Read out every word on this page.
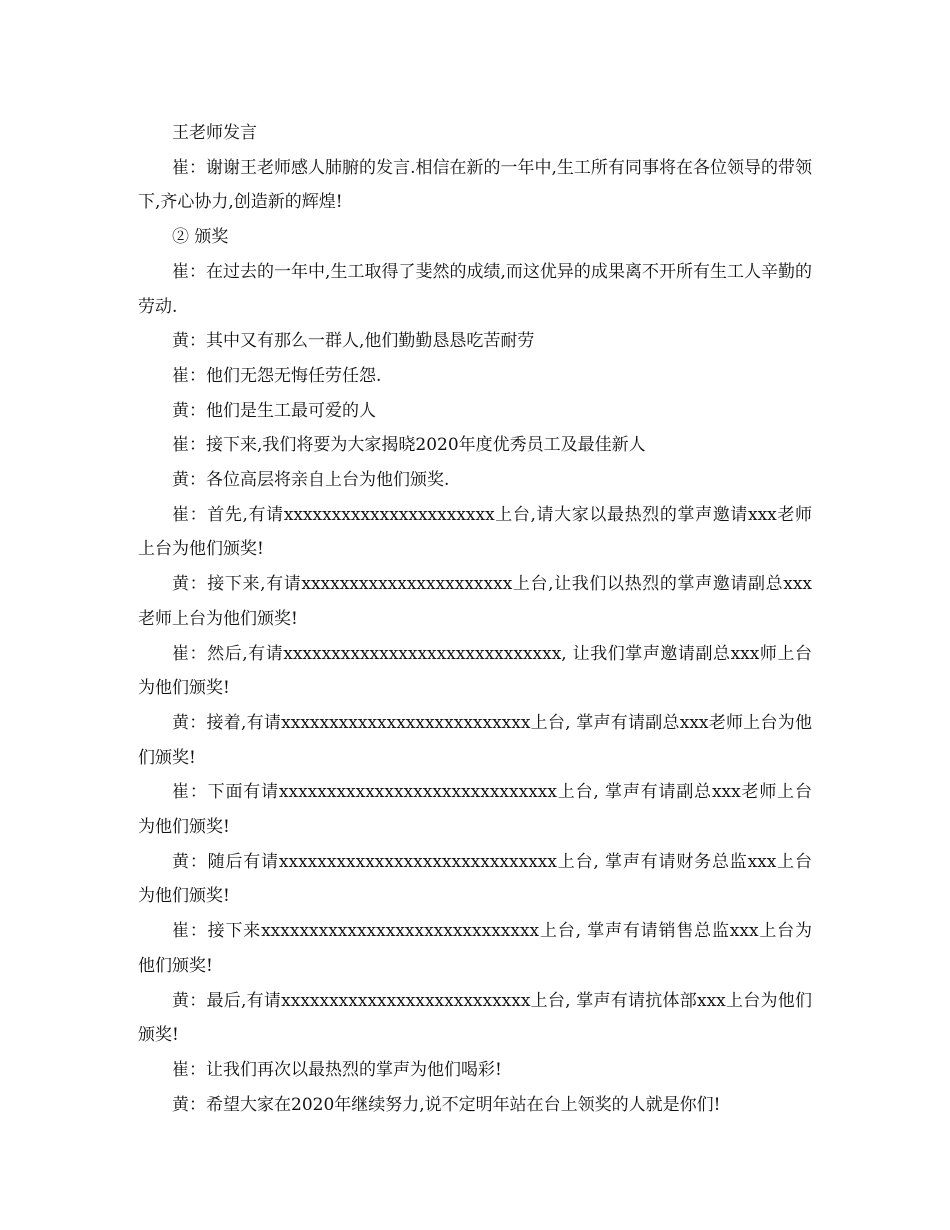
王老师发言

崔：谢谢王老师感人肺腑的发言.相信在新的一年中,生工所有同事将在各位领导的带领下,齐心协力,创造新的辉煌!

② 颁奖

崔：在过去的一年中,生工取得了斐然的成绩,而这优异的成果离不开所有生工人辛勤的劳动.

黄：其中又有那么一群人,他们勤勤恳恳吃苦耐劳

崔：他们无怨无悔任劳任怨.

黄：他们是生工最可爱的人

崔：接下来,我们将要为大家揭晓2020年度优秀员工及最佳新人

黄：各位高层将亲自上台为他们颁奖.

崔：首先,有请xxxxxxxxxxxxxxxxxxxxxx上台,请大家以最热烈的掌声邀请xxx老师上台为他们颁奖!

黄：接下来,有请xxxxxxxxxxxxxxxxxxxxxx上台,让我们以热烈的掌声邀请副总xxx老师上台为他们颁奖!

崔：然后,有请xxxxxxxxxxxxxxxxxxxxxxxxxxxxx, 让我们掌声邀请副总xxx师上台为他们颁奖!

黄：接着,有请xxxxxxxxxxxxxxxxxxxxxxxxxx上台, 掌声有请副总xxx老师上台为他们颁奖!

崔：下面有请xxxxxxxxxxxxxxxxxxxxxxxxxxxxx上台, 掌声有请副总xxx老师上台为他们颁奖!

黄：随后有请xxxxxxxxxxxxxxxxxxxxxxxxxxxxx上台, 掌声有请财务总监xxx上台为他们颁奖!

崔：接下来xxxxxxxxxxxxxxxxxxxxxxxxxxxxx上台, 掌声有请销售总监xxx上台为他们颁奖!

黄：最后,有请xxxxxxxxxxxxxxxxxxxxxxxxxx上台, 掌声有请抗体部xxx上台为他们颁奖!

崔：让我们再次以最热烈的掌声为他们喝彩!

黄：希望大家在2020年继续努力,说不定明年站在台上领奖的人就是你们!
